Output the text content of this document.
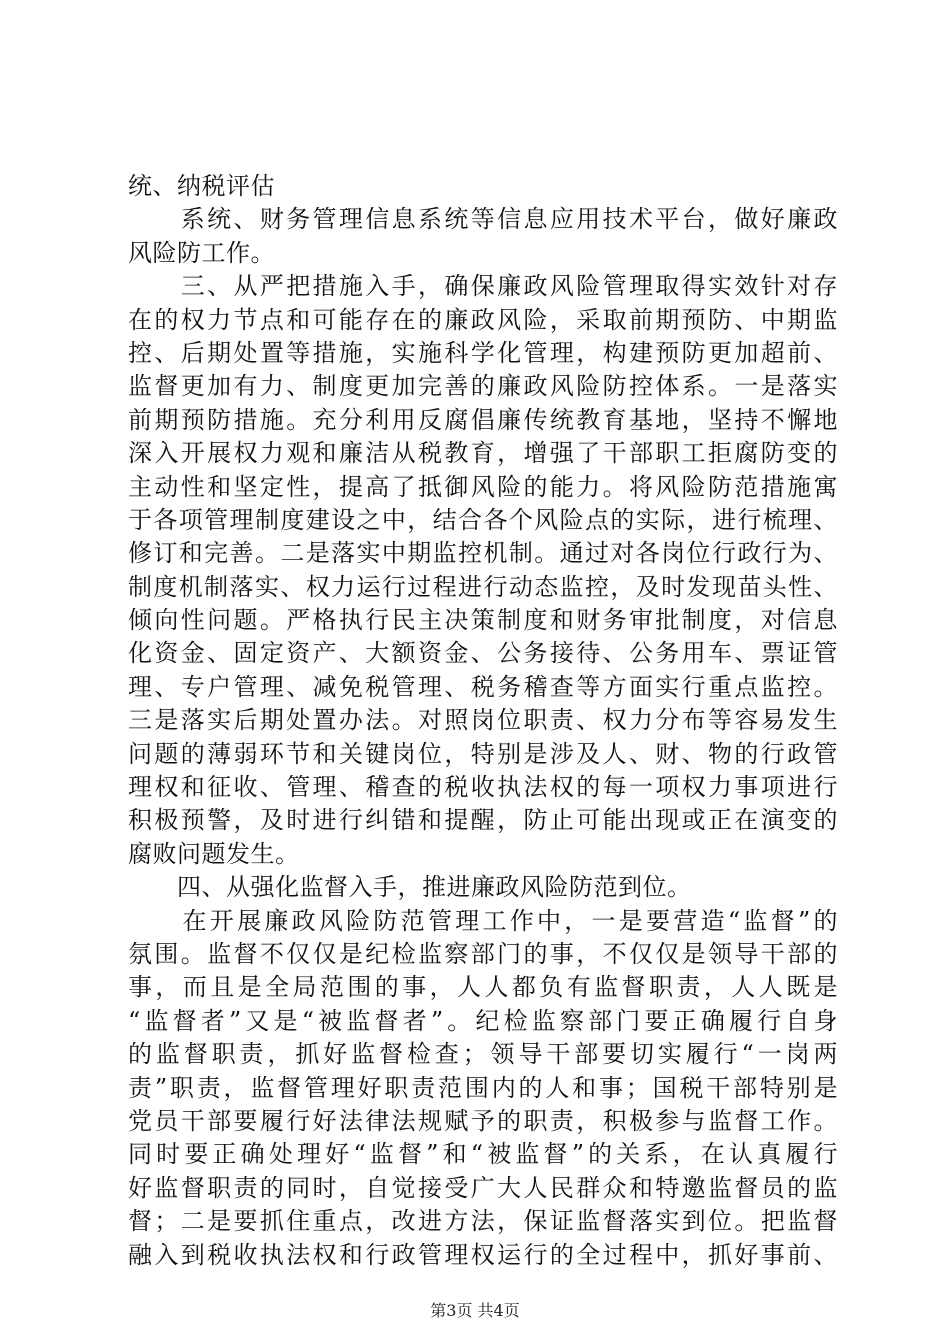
统、纳税评估

　　系统、财务管理信息系统等信息应用技术平台，做好廉政

风险防工作。

　　三、从严把措施入手，确保廉政风险管理取得实效针对存

在的权力节点和可能存在的廉政风险，采取前期预防、中期监

控、后期处置等措施，实施科学化管理，构建预防更加超前、

监督更加有力、制度更加完善的廉政风险防控体系。一是落实

前期预防措施。充分利用反腐倡廉传统教育基地，坚持不懈地

深入开展权力观和廉洁从税教育，增强了干部职工拒腐防变的

主动性和坚定性，提高了抵御风险的能力。将风险防范措施寓

于各项管理制度建设之中，结合各个风险点的实际，进行梳理、

修订和完善。二是落实中期监控机制。通过对各岗位行政行为、

制度机制落实、权力运行过程进行动态监控，及时发现苗头性、

倾向性问题。严格执行民主决策制度和财务审批制度，对信息

化资金、固定资产、大额资金、公务接待、公务用车、票证管

理、专户管理、减免税管理、税务稽查等方面实行重点监控。

三是落实后期处置办法。对照岗位职责、权力分布等容易发生

问题的薄弱环节和关键岗位，特别是涉及人、财、物的行政管

理权和征收、管理、稽查的税收执法权的每一项权力事项进行

积极预警，及时进行纠错和提醒，防止可能出现或正在演变的

腐败问题发生。

　　四、从强化监督入手，推进廉政风险防范到位。

　　在开展廉政风险防范管理工作中，一是要营造“监督”的

氛围。监督不仅仅是纪检监察部门的事，不仅仅是领导干部的

事，而且是全局范围的事，人人都负有监督职责，人人既是

“监督者”又是“被监督者”。纪检监察部门要正确履行自身

的监督职责，抓好监督检查；领导干部要切实履行“一岗两

责”职责，监督管理好职责范围内的人和事；国税干部特别是

党员干部要履行好法律法规赋予的职责，积极参与监督工作。

同时要正确处理好“监督”和“被监督”的关系，在认真履行

好监督职责的同时，自觉接受广大人民群众和特邀监督员的监

督；二是要抓住重点，改进方法，保证监督落实到位。把监督

融入到税收执法权和行政管理权运行的全过程中，抓好事前、

第3页 共4页
